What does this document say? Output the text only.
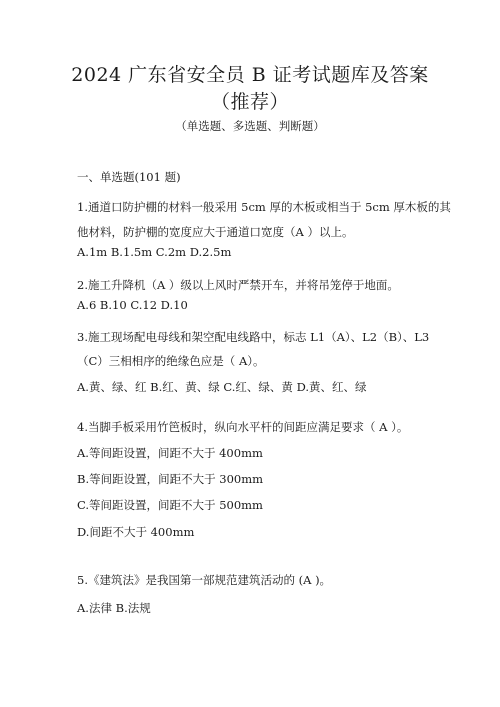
2024 广东省安全员 B 证考试题库及答案（推荐）
（单选题、多选题、判断题）
一、单选题(101 题)
1.通道口防护棚的材料一般采用 5cm 厚的木板或相当于 5cm 厚木板的其
他材料，防护棚的宽度应大于通道口宽度（A ）以上。
A.1m B.1.5m C.2m D.2.5m
2.施工升降机（A ）级以上风时严禁开车，并将吊笼停于地面。
A.6 B.10 C.12 D.10
3.施工现场配电母线和架空配电线路中，标志 L1（A）、L2（B）、L3
（C）三相相序的绝缘色应是（ A）。
A.黄、绿、红 B.红、黄、绿 C.红、绿、黄 D.黄、红、绿
4.当脚手板采用竹笆板时，纵向水平杆的间距应满足要求（ A ）。
A.等间距设置，间距不大于 400mm
B.等间距设置，间距不大于 300mm
C.等间距设置，间距不大于 500mm
D.间距不大于 400mm
5.《建筑法》是我国第一部规范建筑活动的 (A )。
A.法律 B.法规
